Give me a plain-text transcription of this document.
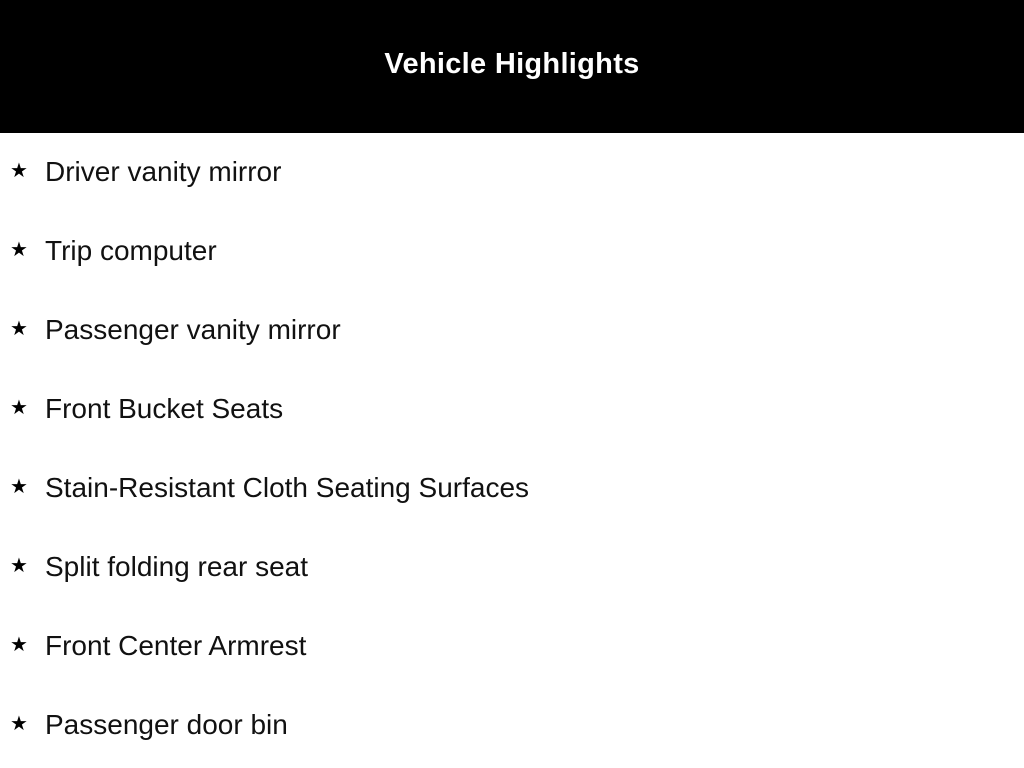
Vehicle Highlights
★ Driver vanity mirror
★ Trip computer
★ Passenger vanity mirror
★ Front Bucket Seats
★ Stain-Resistant Cloth Seating Surfaces
★ Split folding rear seat
★ Front Center Armrest
★ Passenger door bin
